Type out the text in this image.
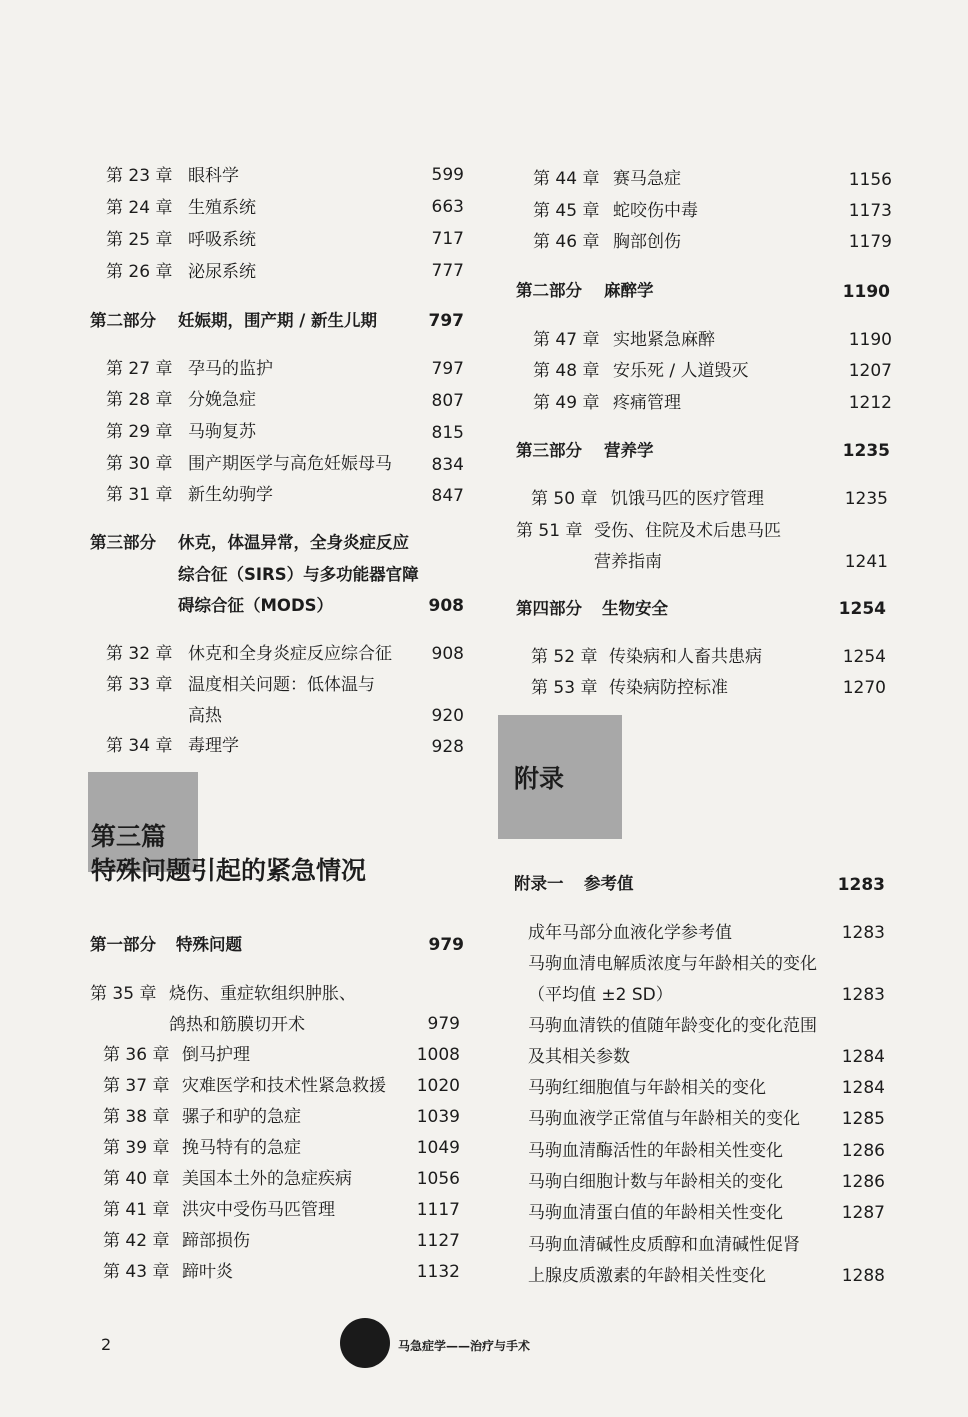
第 23 章 眼科学	599
第 24 章 生殖系统	663
第 25 章 呼吸系统	717
第 26 章 泌尿系统	777
第二部分 妊娠期，围产期 / 新生儿期	797
第 27 章 孕马的监护	797
第 28 章 分娩急症	807
第 29 章 马驹复苏	815
第 30 章 围产期医学与高危妊娠母马	834
第 31 章 新生幼驹学	847
第三部分 休克，体温异常，全身炎症反应
综合征（SIRS）与多功能器官障
碍综合征（MODS）	908
第 32 章 休克和全身炎症反应综合征	908
第 33 章 温度相关问题：低体温与
高热	920
第 34 章 毒理学	928
第三篇
特殊问题引起的紧急情况
第一部分 特殊问题	979
第 35 章 烧伤、重症软组织肿胀、
鸽热和筋膜切开术	979
第 36 章 倒马护理	1008
第 37 章 灾难医学和技术性紧急救援	1020
第 38 章 骡子和驴的急症	1039
第 39 章 挽马特有的急症	1049
第 40 章 美国本土外的急症疾病	1056
第 41 章 洪灾中受伤马匹管理	1117
第 42 章 蹄部损伤	1127
第 43 章 蹄叶炎	1132
第 44 章 赛马急症	1156
第 45 章 蛇咬伤中毒	1173
第 46 章 胸部创伤	1179
第二部分 麻醉学	1190
第 47 章 实地紧急麻醉	1190
第 48 章 安乐死 / 人道毁灭	1207
第 49 章 疼痛管理	1212
第三部分 营养学	1235
第 50 章 饥饿马匹的医疗管理	1235
第 51 章 受伤、住院及术后患马匹
营养指南	1241
第四部分 生物安全	1254
第 52 章 传染病和人畜共患病	1254
第 53 章 传染病防控标准	1270
附录
附录一 参考值	1283
成年马部分血液化学参考值	1283
马驹血清电解质浓度与年龄相关的变化
（平均值 ±2 SD）	1283
马驹血清铁的值随年龄变化的变化范围
及其相关参数	1284
马驹红细胞值与年龄相关的变化	1284
马驹血液学正常值与年龄相关的变化	1285
马驹血清酶活性的年龄相关性变化	1286
马驹白细胞计数与年龄相关的变化	1286
马驹血清蛋白值的年龄相关性变化	1287
马驹血清碱性皮质醇和血清碱性促肾
上腺皮质激素的年龄相关性变化	1288
2	马急症学——治疗与手术
